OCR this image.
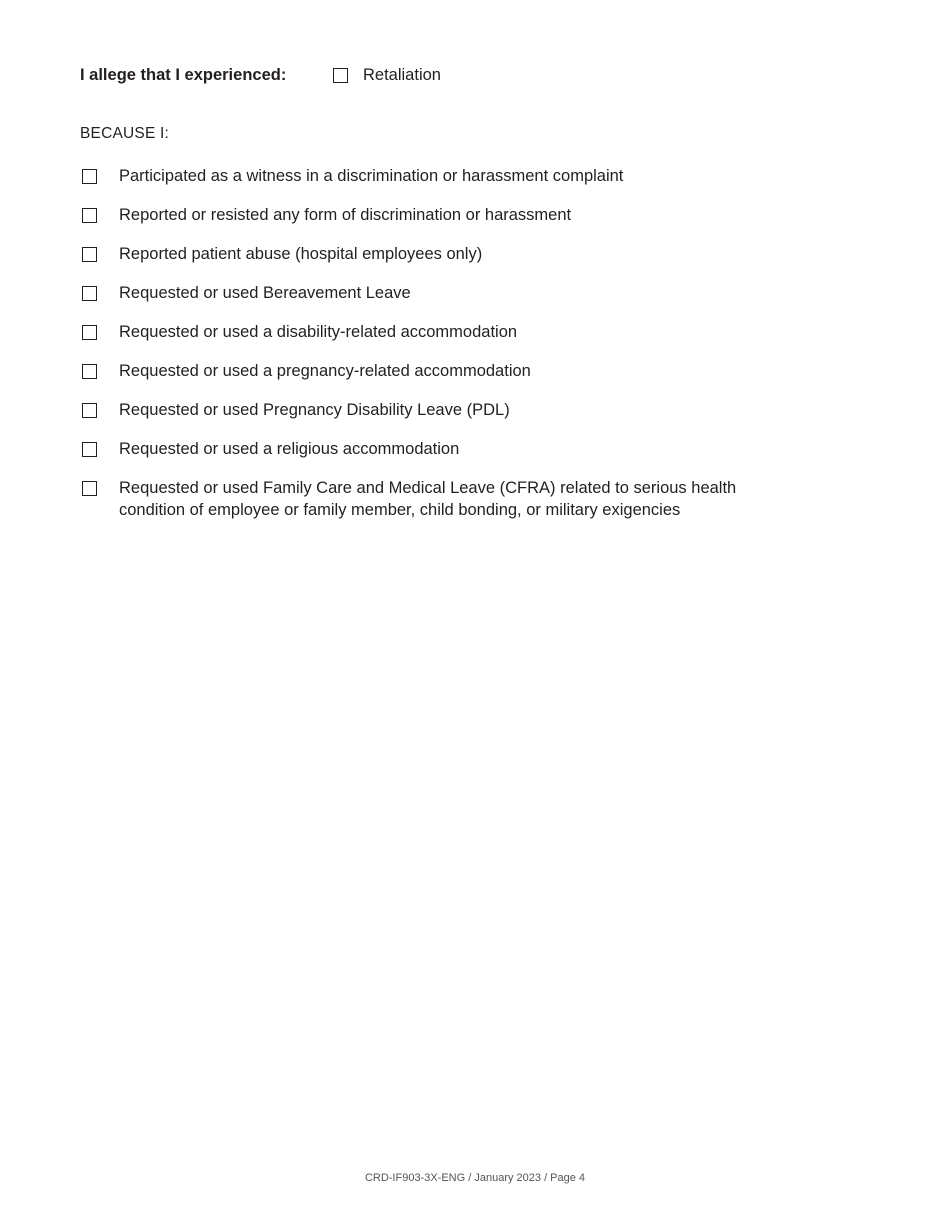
I allege that I experienced:	Retaliation
BECAUSE I:
Participated as a witness in a discrimination or harassment complaint
Reported or resisted any form of discrimination or harassment
Reported patient abuse (hospital employees only)
Requested or used Bereavement Leave
Requested or used a disability-related accommodation
Requested or used a pregnancy-related accommodation
Requested or used Pregnancy Disability Leave (PDL)
Requested or used a religious accommodation
Requested or used Family Care and Medical Leave (CFRA) related to serious health condition of employee or family member, child bonding, or military exigencies
CRD-IF903-3X-ENG / January 2023 / Page 4
